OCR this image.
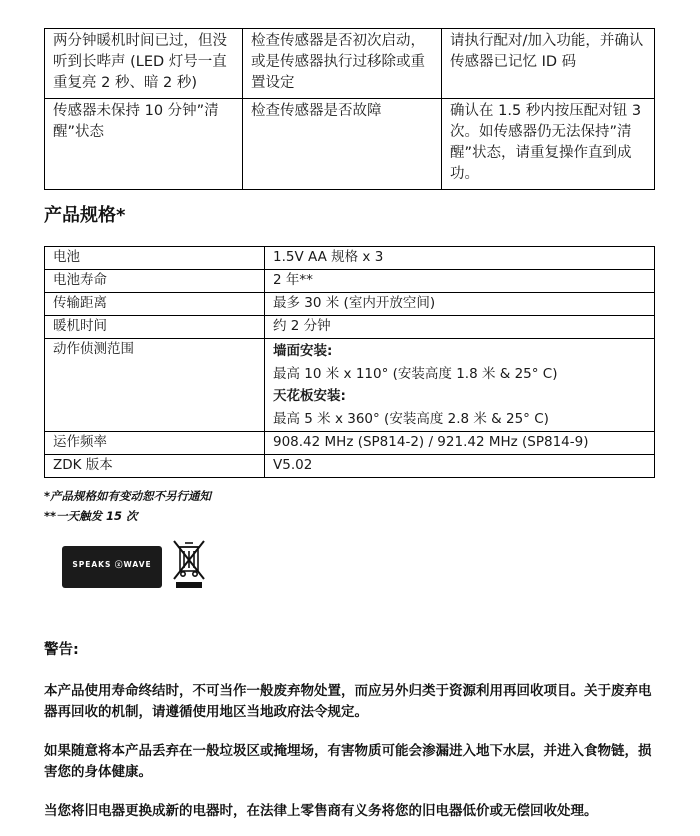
两分钟暖机时间已过，但没听到长哔声 (LED 灯号一直重复亮 2 秒、暗 2 秒)	检查传感器是否初次启动，或是传感器执行过移除或重置设定	请执行配对/加入功能，并确认传感器已记忆 ID 码
传感器未保持 10 分钟”清醒”状态	检查传感器是否故障	确认在 1.5 秒内按压配对钮 3 次。如传感器仍无法保持”清醒”状态，请重复操作直到成功。
产品规格*
电池	1.5V AA 规格 x 3
电池寿命	2 年**
传输距离	最多 30 米 (室内开放空间)
暖机时间	约 2 分钟
动作侦测范围	墙面安装:
最高 10 米 x 110° (安装高度 1.8 米 & 25° C)
天花板安装:
最高 5 米 x 360° (安装高度 2.8 米 & 25° C)

运作频率	908.42 MHz (SP814-2) / 921.42 MHz (SP814-9)
ZDK 版本	V5.02
*产品规格如有变动恕不另行通知
**一天触发 15 次
SPEAKS ⓩWAVE
警告:

本产品使用寿命终结时，不可当作一般废弃物处置，而应另外归类于资源利用再回收项目。关于废弃电器再回收的机制，请遵循使用地区当地政府法令规定。

如果随意将本产品丢弃在一般垃圾区或掩埋场，有害物质可能会渗漏进入地下水层，并进入食物链，损害您的身体健康。

当您将旧电器更换成新的电器时，在法律上零售商有义务将您的旧电器低价或无偿回收处理。
